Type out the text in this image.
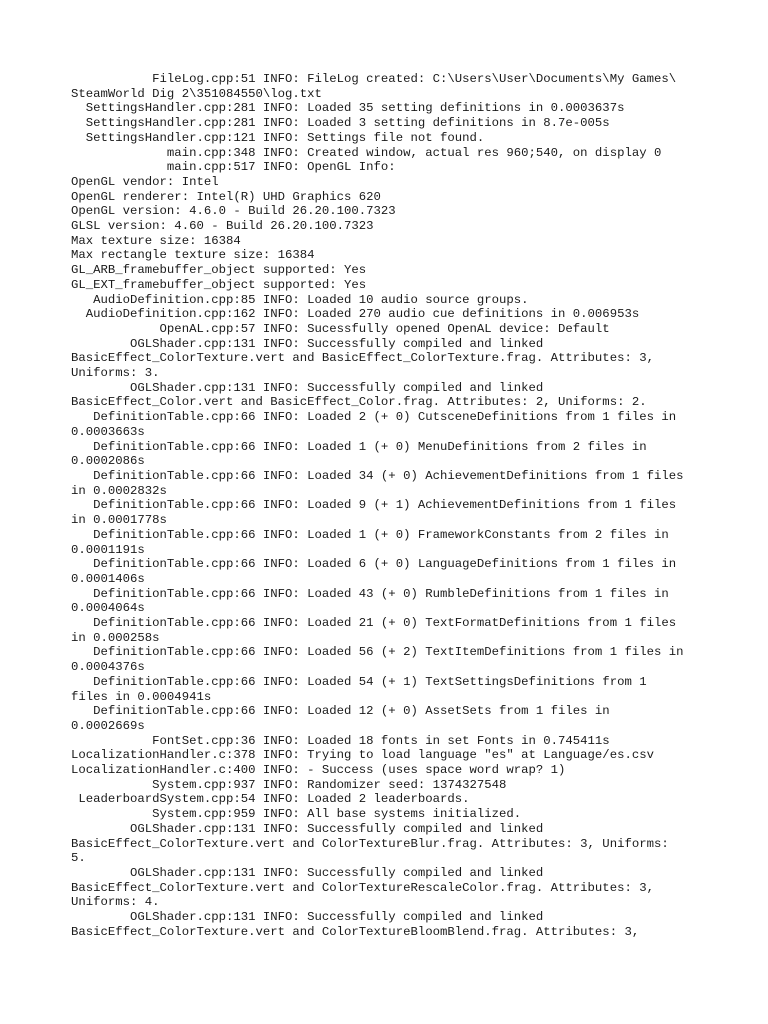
FileLog.cpp:51 INFO: FileLog created: C:\Users\User\Documents\My Games\
SteamWorld Dig 2\351084550\log.txt
SettingsHandler.cpp:281 INFO: Loaded 35 setting definitions in 0.0003637s
SettingsHandler.cpp:281 INFO: Loaded 3 setting definitions in 8.7e-005s
SettingsHandler.cpp:121 INFO: Settings file not found.
main.cpp:348 INFO: Created window, actual res 960;540, on display 0
main.cpp:517 INFO: OpenGL Info:
OpenGL vendor: Intel
OpenGL renderer: Intel(R) UHD Graphics 620
OpenGL version: 4.6.0 - Build 26.20.100.7323
GLSL version: 4.60 - Build 26.20.100.7323
Max texture size: 16384
Max rectangle texture size: 16384
GL_ARB_framebuffer_object supported: Yes
GL_EXT_framebuffer_object supported: Yes
AudioDefinition.cpp:85 INFO: Loaded 10 audio source groups.
AudioDefinition.cpp:162 INFO: Loaded 270 audio cue definitions in 0.006953s
OpenAL.cpp:57 INFO: Sucessfully opened OpenAL device: Default
OGLShader.cpp:131 INFO: Successfully compiled and linked
BasicEffect_ColorTexture.vert and BasicEffect_ColorTexture.frag. Attributes: 3,
Uniforms: 3.
OGLShader.cpp:131 INFO: Successfully compiled and linked
BasicEffect_Color.vert and BasicEffect_Color.frag. Attributes: 2, Uniforms: 2.
DefinitionTable.cpp:66 INFO: Loaded 2 (+ 0) CutsceneDefinitions from 1 files in
0.0003663s
DefinitionTable.cpp:66 INFO: Loaded 1 (+ 0) MenuDefinitions from 2 files in
0.0002086s
DefinitionTable.cpp:66 INFO: Loaded 34 (+ 0) AchievementDefinitions from 1 files
in 0.0002832s
DefinitionTable.cpp:66 INFO: Loaded 9 (+ 1) AchievementDefinitions from 1 files
in 0.0001778s
DefinitionTable.cpp:66 INFO: Loaded 1 (+ 0) FrameworkConstants from 2 files in
0.0001191s
DefinitionTable.cpp:66 INFO: Loaded 6 (+ 0) LanguageDefinitions from 1 files in
0.0001406s
DefinitionTable.cpp:66 INFO: Loaded 43 (+ 0) RumbleDefinitions from 1 files in
0.0004064s
DefinitionTable.cpp:66 INFO: Loaded 21 (+ 0) TextFormatDefinitions from 1 files
in 0.000258s
DefinitionTable.cpp:66 INFO: Loaded 56 (+ 2) TextItemDefinitions from 1 files in
0.0004376s
DefinitionTable.cpp:66 INFO: Loaded 54 (+ 1) TextSettingsDefinitions from 1
files in 0.0004941s
DefinitionTable.cpp:66 INFO: Loaded 12 (+ 0) AssetSets from 1 files in
0.0002669s
FontSet.cpp:36 INFO: Loaded 18 fonts in set Fonts in 0.745411s
LocalizationHandler.c:378 INFO: Trying to load language "es" at Language/es.csv
LocalizationHandler.c:400 INFO: - Success (uses space word wrap? 1)
System.cpp:937 INFO: Randomizer seed: 1374327548
LeaderboardSystem.cpp:54 INFO: Loaded 2 leaderboards.
System.cpp:959 INFO: All base systems initialized.
OGLShader.cpp:131 INFO: Successfully compiled and linked
BasicEffect_ColorTexture.vert and ColorTextureBlur.frag. Attributes: 3, Uniforms:
5.
OGLShader.cpp:131 INFO: Successfully compiled and linked
BasicEffect_ColorTexture.vert and ColorTextureRescaleColor.frag. Attributes: 3,
Uniforms: 4.
OGLShader.cpp:131 INFO: Successfully compiled and linked
BasicEffect_ColorTexture.vert and ColorTextureBloomBlend.frag. Attributes: 3,
